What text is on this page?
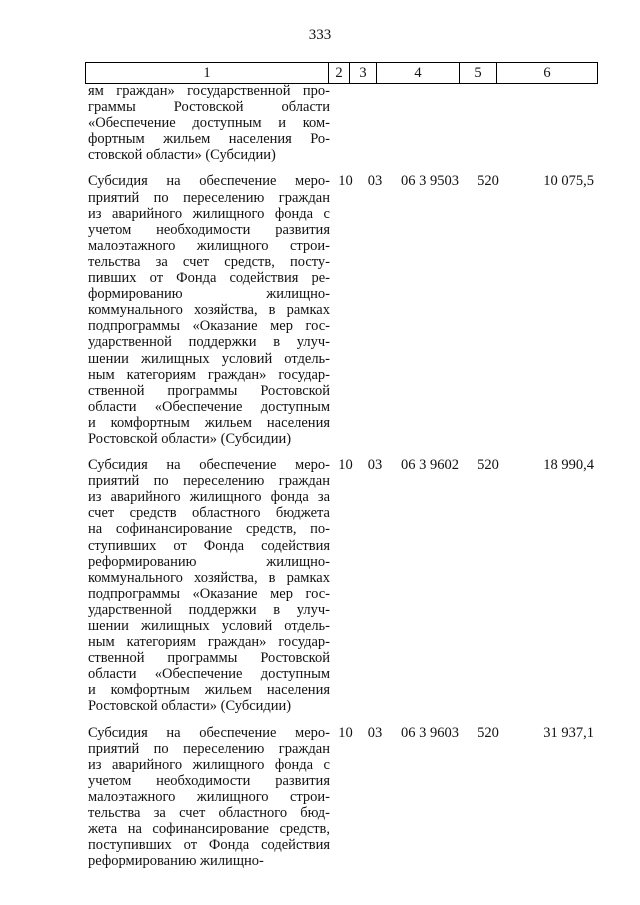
333
1	2	3	4	5	6
ям граждан» государственной про-
граммы Ростовской области
«Обеспечение доступным и ком-
фортным жильем населения Ро-
стовской области» (Субсидии)
Субсидия на обеспечение меро-
приятий по переселению граждан
из аварийного жилищного фонда с
учетом необходимости развития
малоэтажного жилищного строи-
тельства за счет средств, посту-
пивших от Фонда содействия ре-
формированию жилищно-
коммунального хозяйства, в рамках
подпрограммы «Оказание мер гос-
ударственной поддержки в улуч-
шении жилищных условий отдель-
ным категориям граждан» государ-
ственной программы Ростовской
области «Обеспечение доступным
и комфортным жильем населения
Ростовской области» (Субсидии)
10	03	06 3 9503	520	10 075,5
Субсидия на обеспечение меро-
приятий по переселению граждан
из аварийного жилищного фонда за
счет средств областного бюджета
на софинансирование средств, по-
ступивших от Фонда содействия
реформированию жилищно-
коммунального хозяйства, в рамках
подпрограммы «Оказание мер гос-
ударственной поддержки в улуч-
шении жилищных условий отдель-
ным категориям граждан» государ-
ственной программы Ростовской
области «Обеспечение доступным
и комфортным жильем населения
Ростовской области» (Субсидии)
10	03	06 3 9602	520	18 990,4
Субсидия на обеспечение меро-
приятий по переселению граждан
из аварийного жилищного фонда с
учетом необходимости развития
малоэтажного жилищного строи-
тельства за счет областного бюд-
жета на софинансирование средств,
поступивших от Фонда содействия
реформированию жилищно-
10	03	06 3 9603	520	31 937,1
